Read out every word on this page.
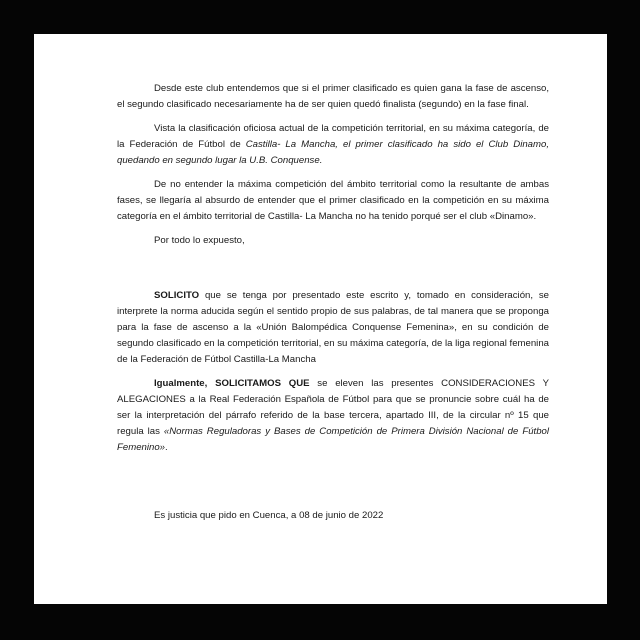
Desde este club entendemos que si el primer clasificado es quien gana la fase de ascenso, el segundo clasificado necesariamente ha de ser quien quedó finalista (segundo) en la fase final.

Vista la clasificación oficiosa actual de la competición territorial, en su máxima categoría, de la Federación de Fútbol de Castilla- La Mancha, el primer clasificado ha sido el Club Dinamo, quedando en segundo lugar la U.B. Conquense.

De no entender la máxima competición del ámbito territorial como la resultante de ambas fases, se llegaría al absurdo de entender que el primer clasificado en la competición en su máxima categoría en el ámbito territorial de Castilla- La Mancha no ha tenido porqué ser el club «Dinamo».

Por todo lo expuesto,

SOLICITO que se tenga por presentado este escrito y, tomado en consideración, se interprete la norma aducida según el sentido propio de sus palabras, de tal manera que se proponga para la fase de ascenso a la «Unión Balompédica Conquense Femenina», en su condición de segundo clasificado en la competición territorial, en su máxima categoría, de la liga regional femenina de la Federación de Fútbol Castilla-La Mancha

Igualmente, SOLICITAMOS QUE se eleven las presentes CONSIDERACIONES Y ALEGACIONES a la Real Federación Española de Fútbol para que se pronuncie sobre cuál ha de ser la interpretación del párrafo referido de la base tercera, apartado III, de la circular nº 15 que regula las «Normas Reguladoras y Bases de Competición de Primera División Nacional de Fútbol Femenino».

Es justicia que pido en Cuenca, a 08 de junio de 2022
